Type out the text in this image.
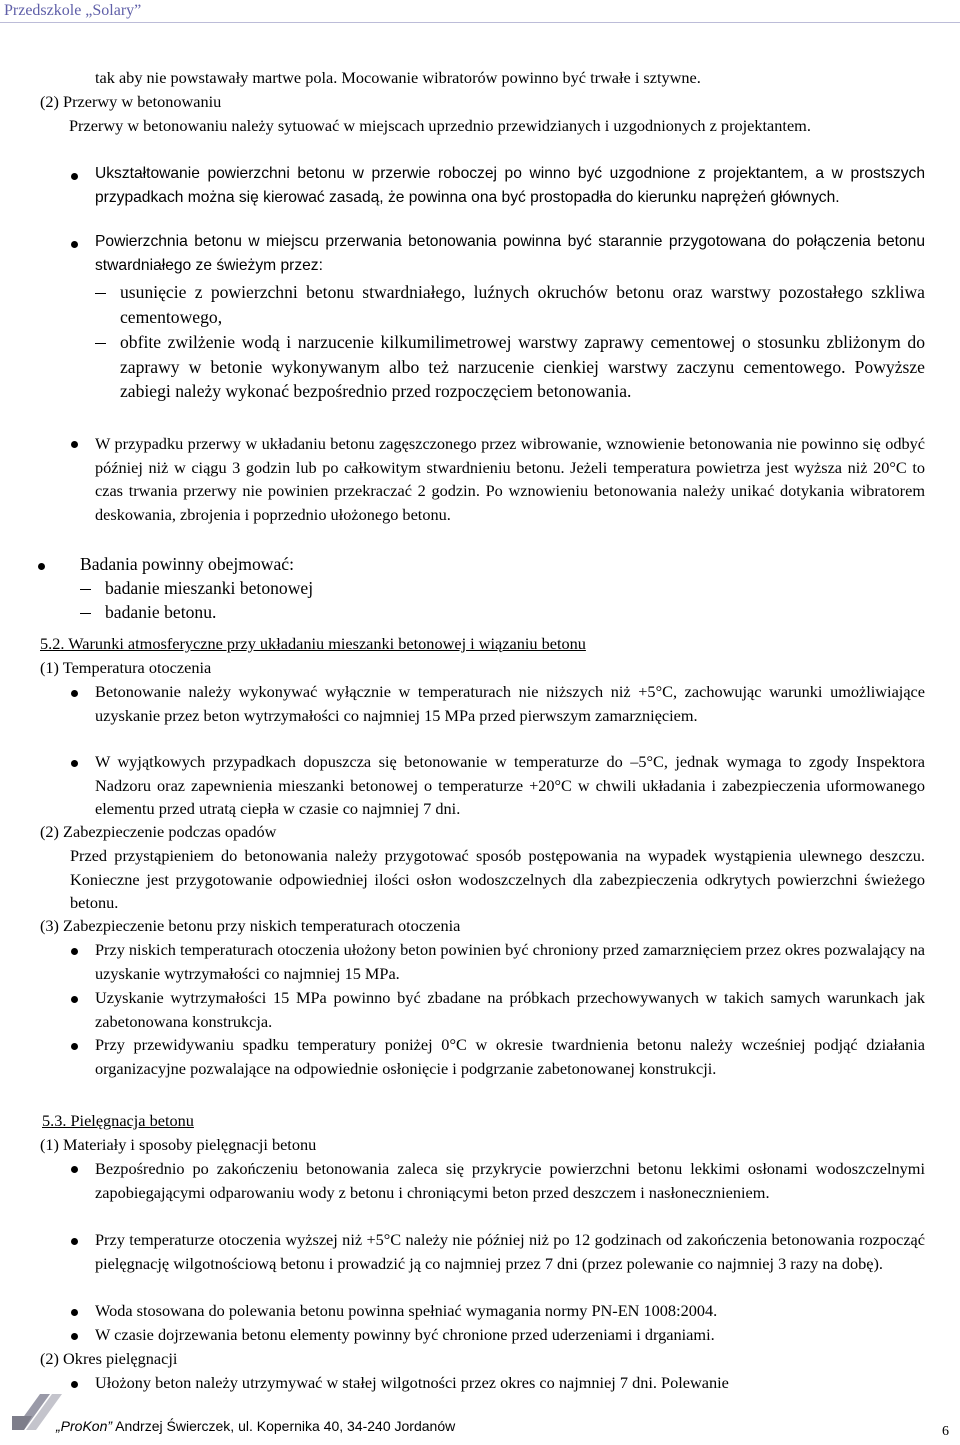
Przedszkole „Solary”
tak aby nie powstawały martwe pola. Mocowanie wibratorów powinno być trwałe i sztywne.
(2) Przerwy w betonowaniu
Przerwy w betonowaniu należy sytuować w miejscach uprzednio przewidzianych i uzgodnionych z projektantem.
Ukształtowanie powierzchni betonu w przerwie roboczej po winno być uzgodnione z projektantem, a w prostszych przypadkach można się kierować zasadą, że powinna ona być prostopadła do kierunku naprężeń głównych.
Powierzchnia betonu w miejscu przerwania betonowania powinna być starannie przygotowana do połączenia betonu stwardniałego ze świeżym przez:
usunięcie z powierzchni betonu stwardniałego, luźnych okruchów betonu oraz warstwy pozostałego szkliwa cementowego,
obfite zwilżenie wodą i narzucenie kilkumilimetrowej warstwy zaprawy cementowej o stosunku zbliżonym do zaprawy w betonie wykonywanym albo też narzucenie cienkiej warstwy zaczynu cementowego. Powyższe zabiegi należy wykonać bezpośrednio przed rozpoczęciem betonowania.
W przypadku przerwy w układaniu betonu zagęszczonego przez wibrowanie, wznowienie betonowania nie powinno się odbyć później niż w ciągu 3 godzin lub po całkowitym stwardnieniu betonu. Jeżeli temperatura powietrza jest wyższa niż 20°C to czas trwania przerwy nie powinien przekraczać 2 godzin. Po wznowieniu betonowania należy unikać dotykania wibratorem deskowania, zbrojenia i poprzednio ułożonego betonu.
Badania powinny obejmować:
badanie mieszanki betonowej
badanie betonu.
5.2. Warunki atmosferyczne przy układaniu mieszanki betonowej i wiązaniu betonu
(1) Temperatura otoczenia
Betonowanie należy wykonywać wyłącznie w temperaturach nie niższych niż +5°C, zachowując warunki umożliwiające uzyskanie przez beton wytrzymałości co najmniej 15 MPa przed pierwszym zamarznięciem.
W wyjątkowych przypadkach dopuszcza się betonowanie w temperaturze do –5°C, jednak wymaga to zgody Inspektora Nadzoru oraz zapewnienia mieszanki betonowej o temperaturze +20°C w chwili układania i zabezpieczenia uformowanego elementu przed utratą ciepła w czasie co najmniej 7 dni.
(2) Zabezpieczenie podczas opadów
Przed przystąpieniem do betonowania należy przygotować sposób postępowania na wypadek wystąpienia ulewnego deszczu. Konieczne jest przygotowanie odpowiedniej ilości osłon wodoszczelnych dla zabezpieczenia odkrytych powierzchni świeżego betonu.
(3) Zabezpieczenie betonu przy niskich temperaturach otoczenia
Przy niskich temperaturach otoczenia ułożony beton powinien być chroniony przed zamarznięciem przez okres pozwalający na uzyskanie wytrzymałości co najmniej 15 MPa.
Uzyskanie wytrzymałości 15 MPa powinno być zbadane na próbkach przechowywanych w takich samych warunkach jak zabetonowana konstrukcja.
Przy przewidywaniu spadku temperatury poniżej 0°C w okresie twardnienia betonu należy wcześniej podjąć działania organizacyjne pozwalające na odpowiednie osłonięcie i podgrzanie zabetonowanej konstrukcji.
5.3. Pielęgnacja betonu
(1) Materiały i sposoby pielęgnacji betonu
Bezpośrednio po zakończeniu betonowania zaleca się przykrycie powierzchni betonu lekkimi osłonami wodoszczelnymi zapobiegającymi odparowaniu wody z betonu i chroniącymi beton przed deszczem i nasłonecznieniem.
Przy temperaturze otoczenia wyższej niż +5°C należy nie później niż po 12 godzinach od zakończenia betonowania rozpocząć pielęgnację wilgotnościową betonu i prowadzić ją co najmniej przez 7 dni (przez polewanie co najmniej 3 razy na dobę).
Woda stosowana do polewania betonu powinna spełniać wymagania normy PN-EN 1008:2004.
W czasie dojrzewania betonu elementy powinny być chronione przed uderzeniami i drganiami.
(2) Okres pielęgnacji
Ułożony beton należy utrzymywać w stałej wilgotności przez okres co najmniej 7 dni. Polewanie
„ProKon” Andrzej Świerczek, ul. Kopernika 40, 34-240 Jordanów	6
